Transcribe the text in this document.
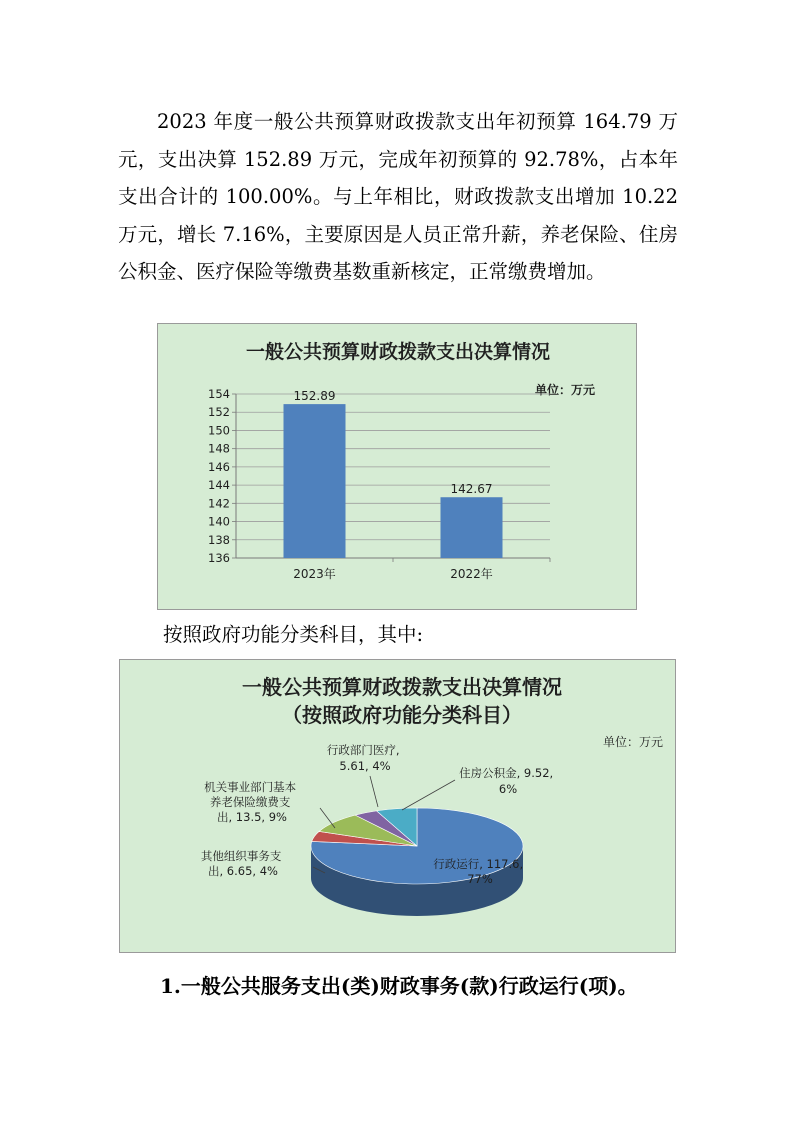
2023 年度一般公共预算财政拨款支出年初预算 164.79 万元，支出决算 152.89 万元，完成年初预算的 92.78%，占本年支出合计的 100.00%。与上年相比，财政拨款支出增加 10.22 万元，增长 7.16%，主要原因是人员正常升薪，养老保险、住房公积金、医疗保险等缴费基数重新核定，正常缴费增加。

一般公共预算财政拨款支出决算情况
单位：万元
136
138
140
142
144
146
148
150
152
154	152.89
142.67
2023年	2022年

按照政府功能分类科目，其中:

一般公共预算财政拨款支出决算情况
（按照政府功能分类科目）
单位：万元
行政运行, 117.6, 77%
其他组织事务支 出, 6.65, 4%
机关事业部门基本 养老保险缴费支 出, 13.5, 9%
行政部门医疗, 5.61, 4%	住房公积金, 9.52, 6%

1.一般公共服务支出(类)财政事务(款)行政运行(项)。
